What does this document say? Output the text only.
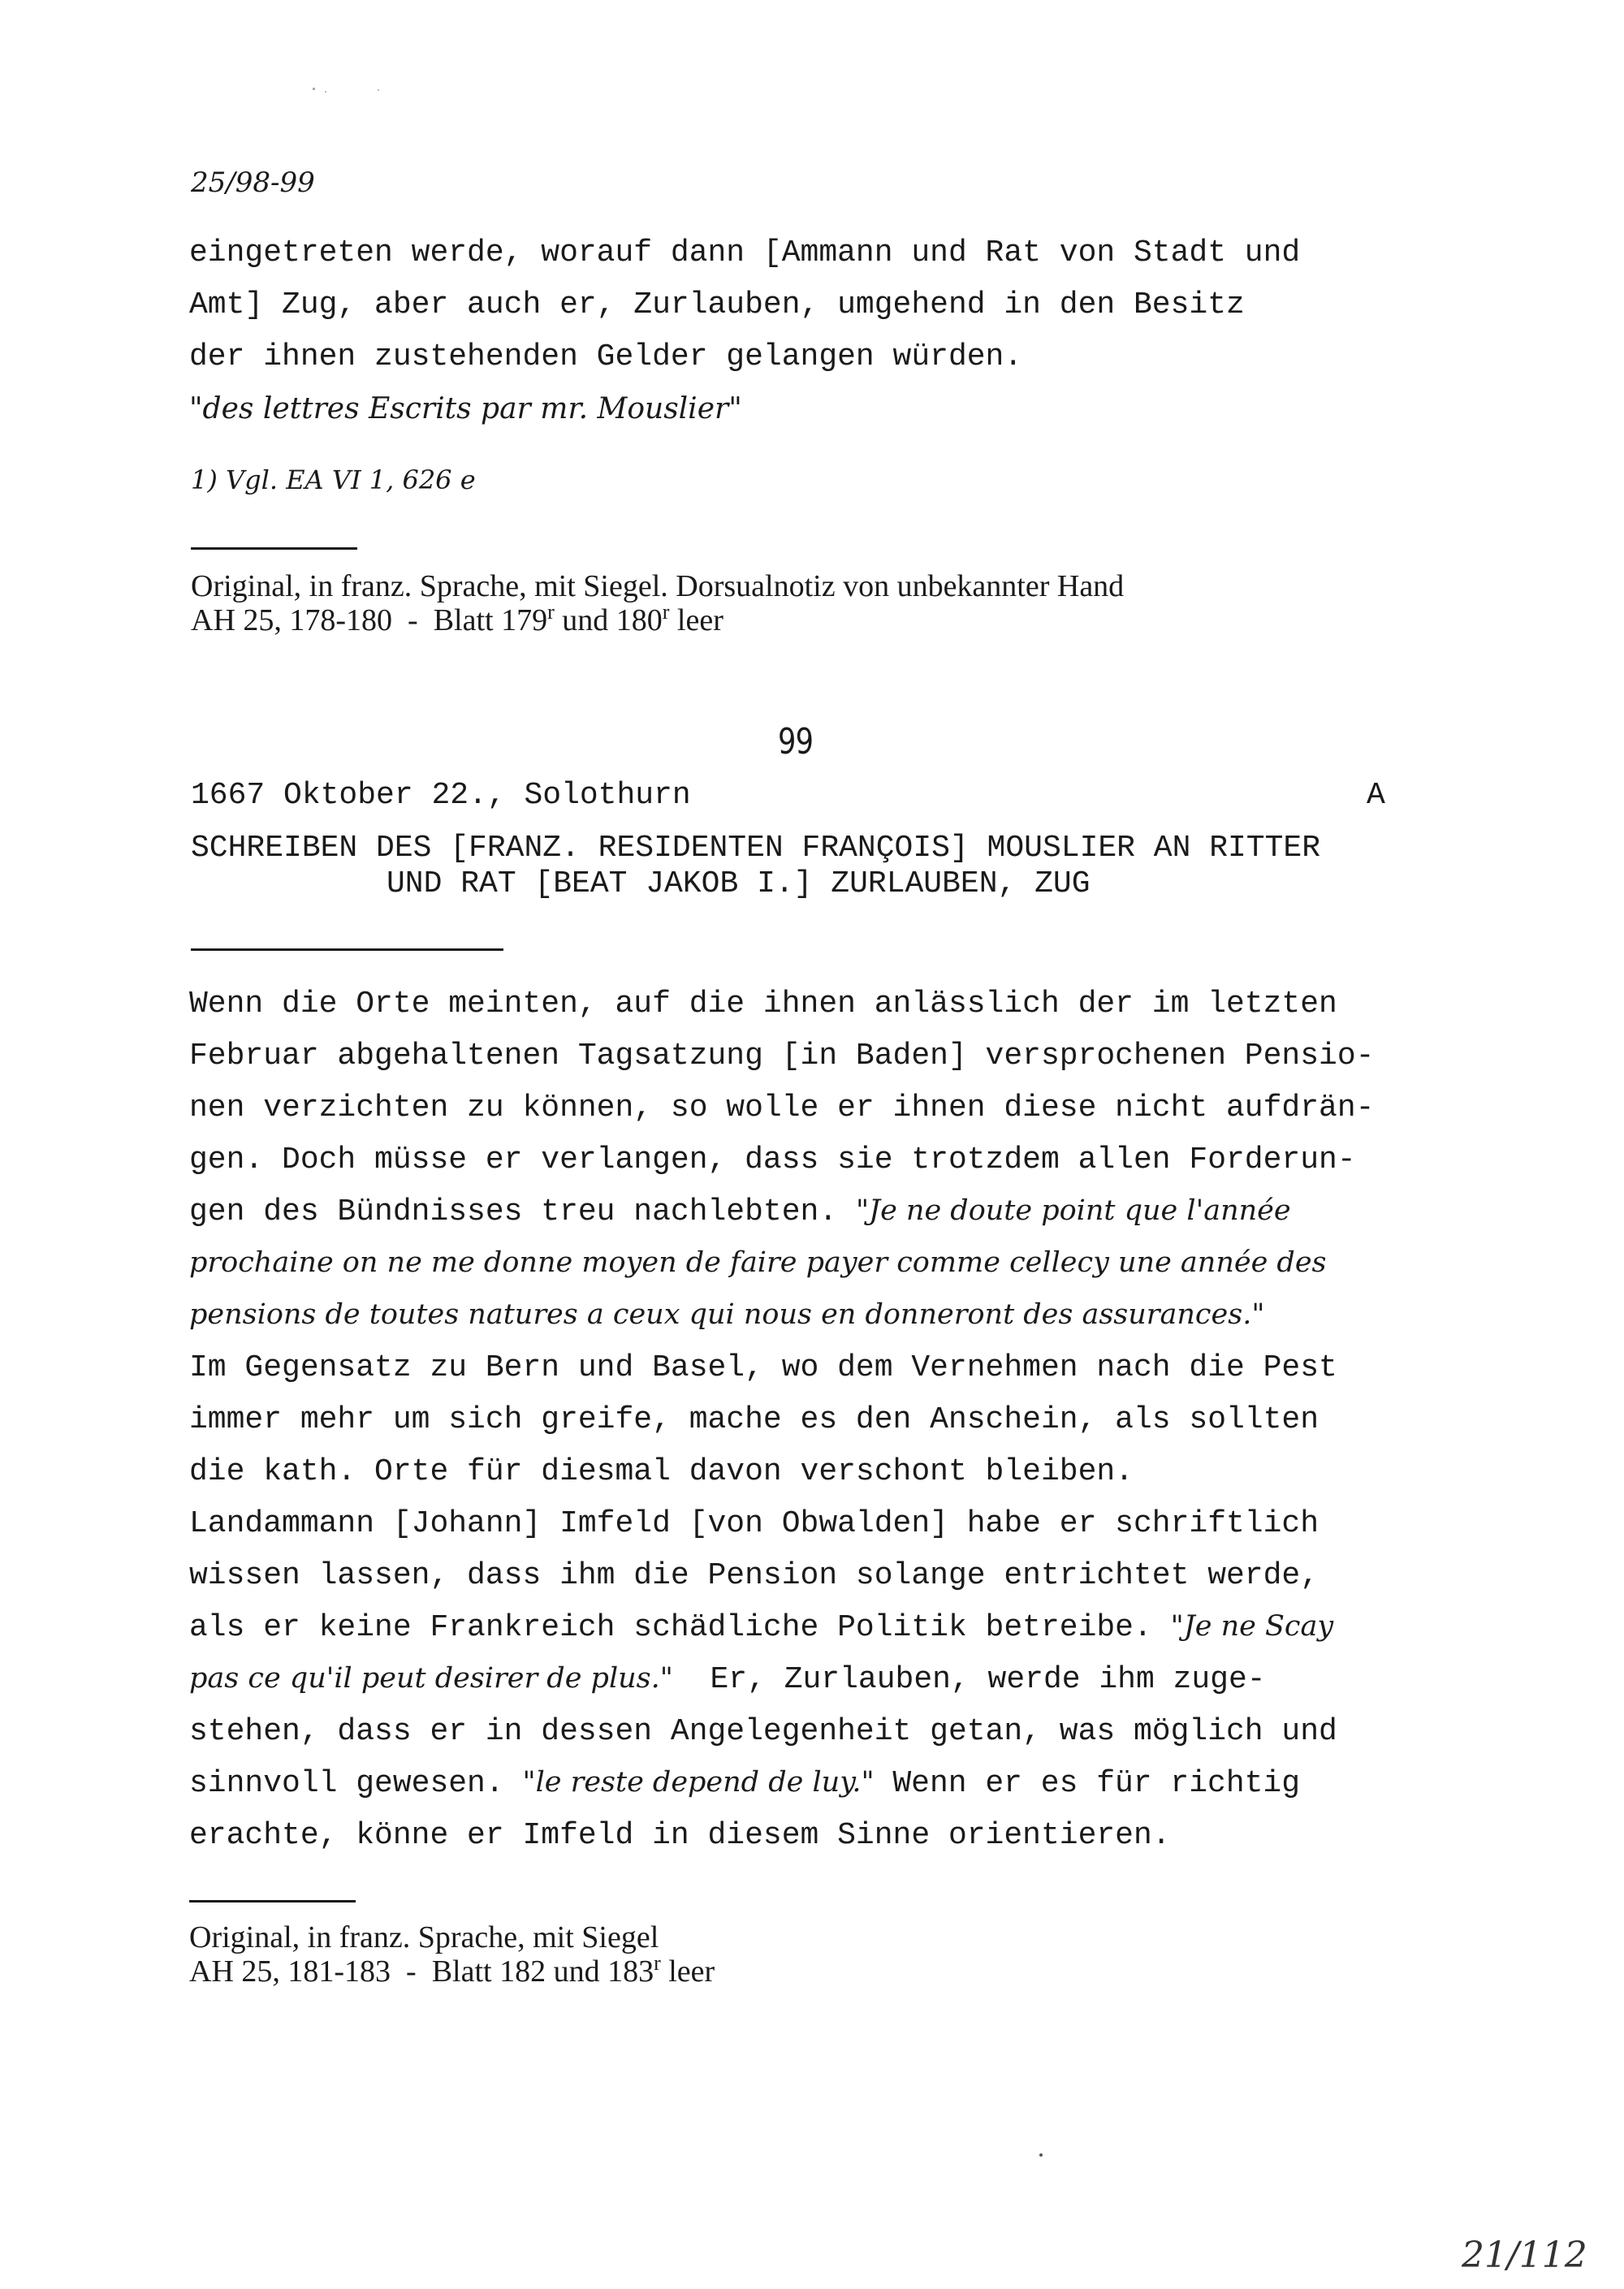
25/98-99
eingetreten werde, worauf dann [Ammann und Rat von Stadt und
Amt] Zug, aber auch er, Zurlauben, umgehend in den Besitz
der ihnen zustehenden Gelder gelangen würden.
"des lettres Escrits par mr. Mouslier"
1) Vgl. EA VI 1, 626 e
Original, in franz. Sprache, mit Siegel. Dorsualnotiz von unbekannter Hand
AH 25, 178-180  -  Blatt 179$^r$ und 180$^r$ leer
99
1667 Oktober 22., Solothurn	A
SCHREIBEN DES [FRANZ. RESIDENTEN FRANÇOIS] MOUSLIER AN RITTER
UND RAT [BEAT JAKOB I.] ZURLAUBEN, ZUG
Wenn die Orte meinten, auf die ihnen anlässlich der im letzten
Februar abgehaltenen Tagsatzung [in Baden] versprochenen Pensio-
nen verzichten zu können, so wolle er ihnen diese nicht aufdrän-
gen. Doch müsse er verlangen, dass sie trotzdem allen Forderun-
gen des Bündnisses treu nachlebten. "Je ne doute point que l'année
prochaine on ne me donne moyen de faire payer comme cellecy une année des
pensions de toutes natures a ceux qui nous en donneront des assurances."
Im Gegensatz zu Bern und Basel, wo dem Vernehmen nach die Pest
immer mehr um sich greife, mache es den Anschein, als sollten
die kath. Orte für diesmal davon verschont bleiben.
Landammann [Johann] Imfeld [von Obwalden] habe er schriftlich
wissen lassen, dass ihm die Pension solange entrichtet werde,
als er keine Frankreich schädliche Politik betreibe. "Je ne Scay
pas ce qu'il peut desirer de plus."  Er, Zurlauben, werde ihm zuge-
stehen, dass er in dessen Angelegenheit getan, was möglich und
sinnvoll gewesen. "le reste depend de luy." Wenn er es für richtig
erachte, könne er Imfeld in diesem Sinne orientieren.
Original, in franz. Sprache, mit Siegel
AH 25, 181-183  -  Blatt 182 und 183$^r$ leer
21/112
